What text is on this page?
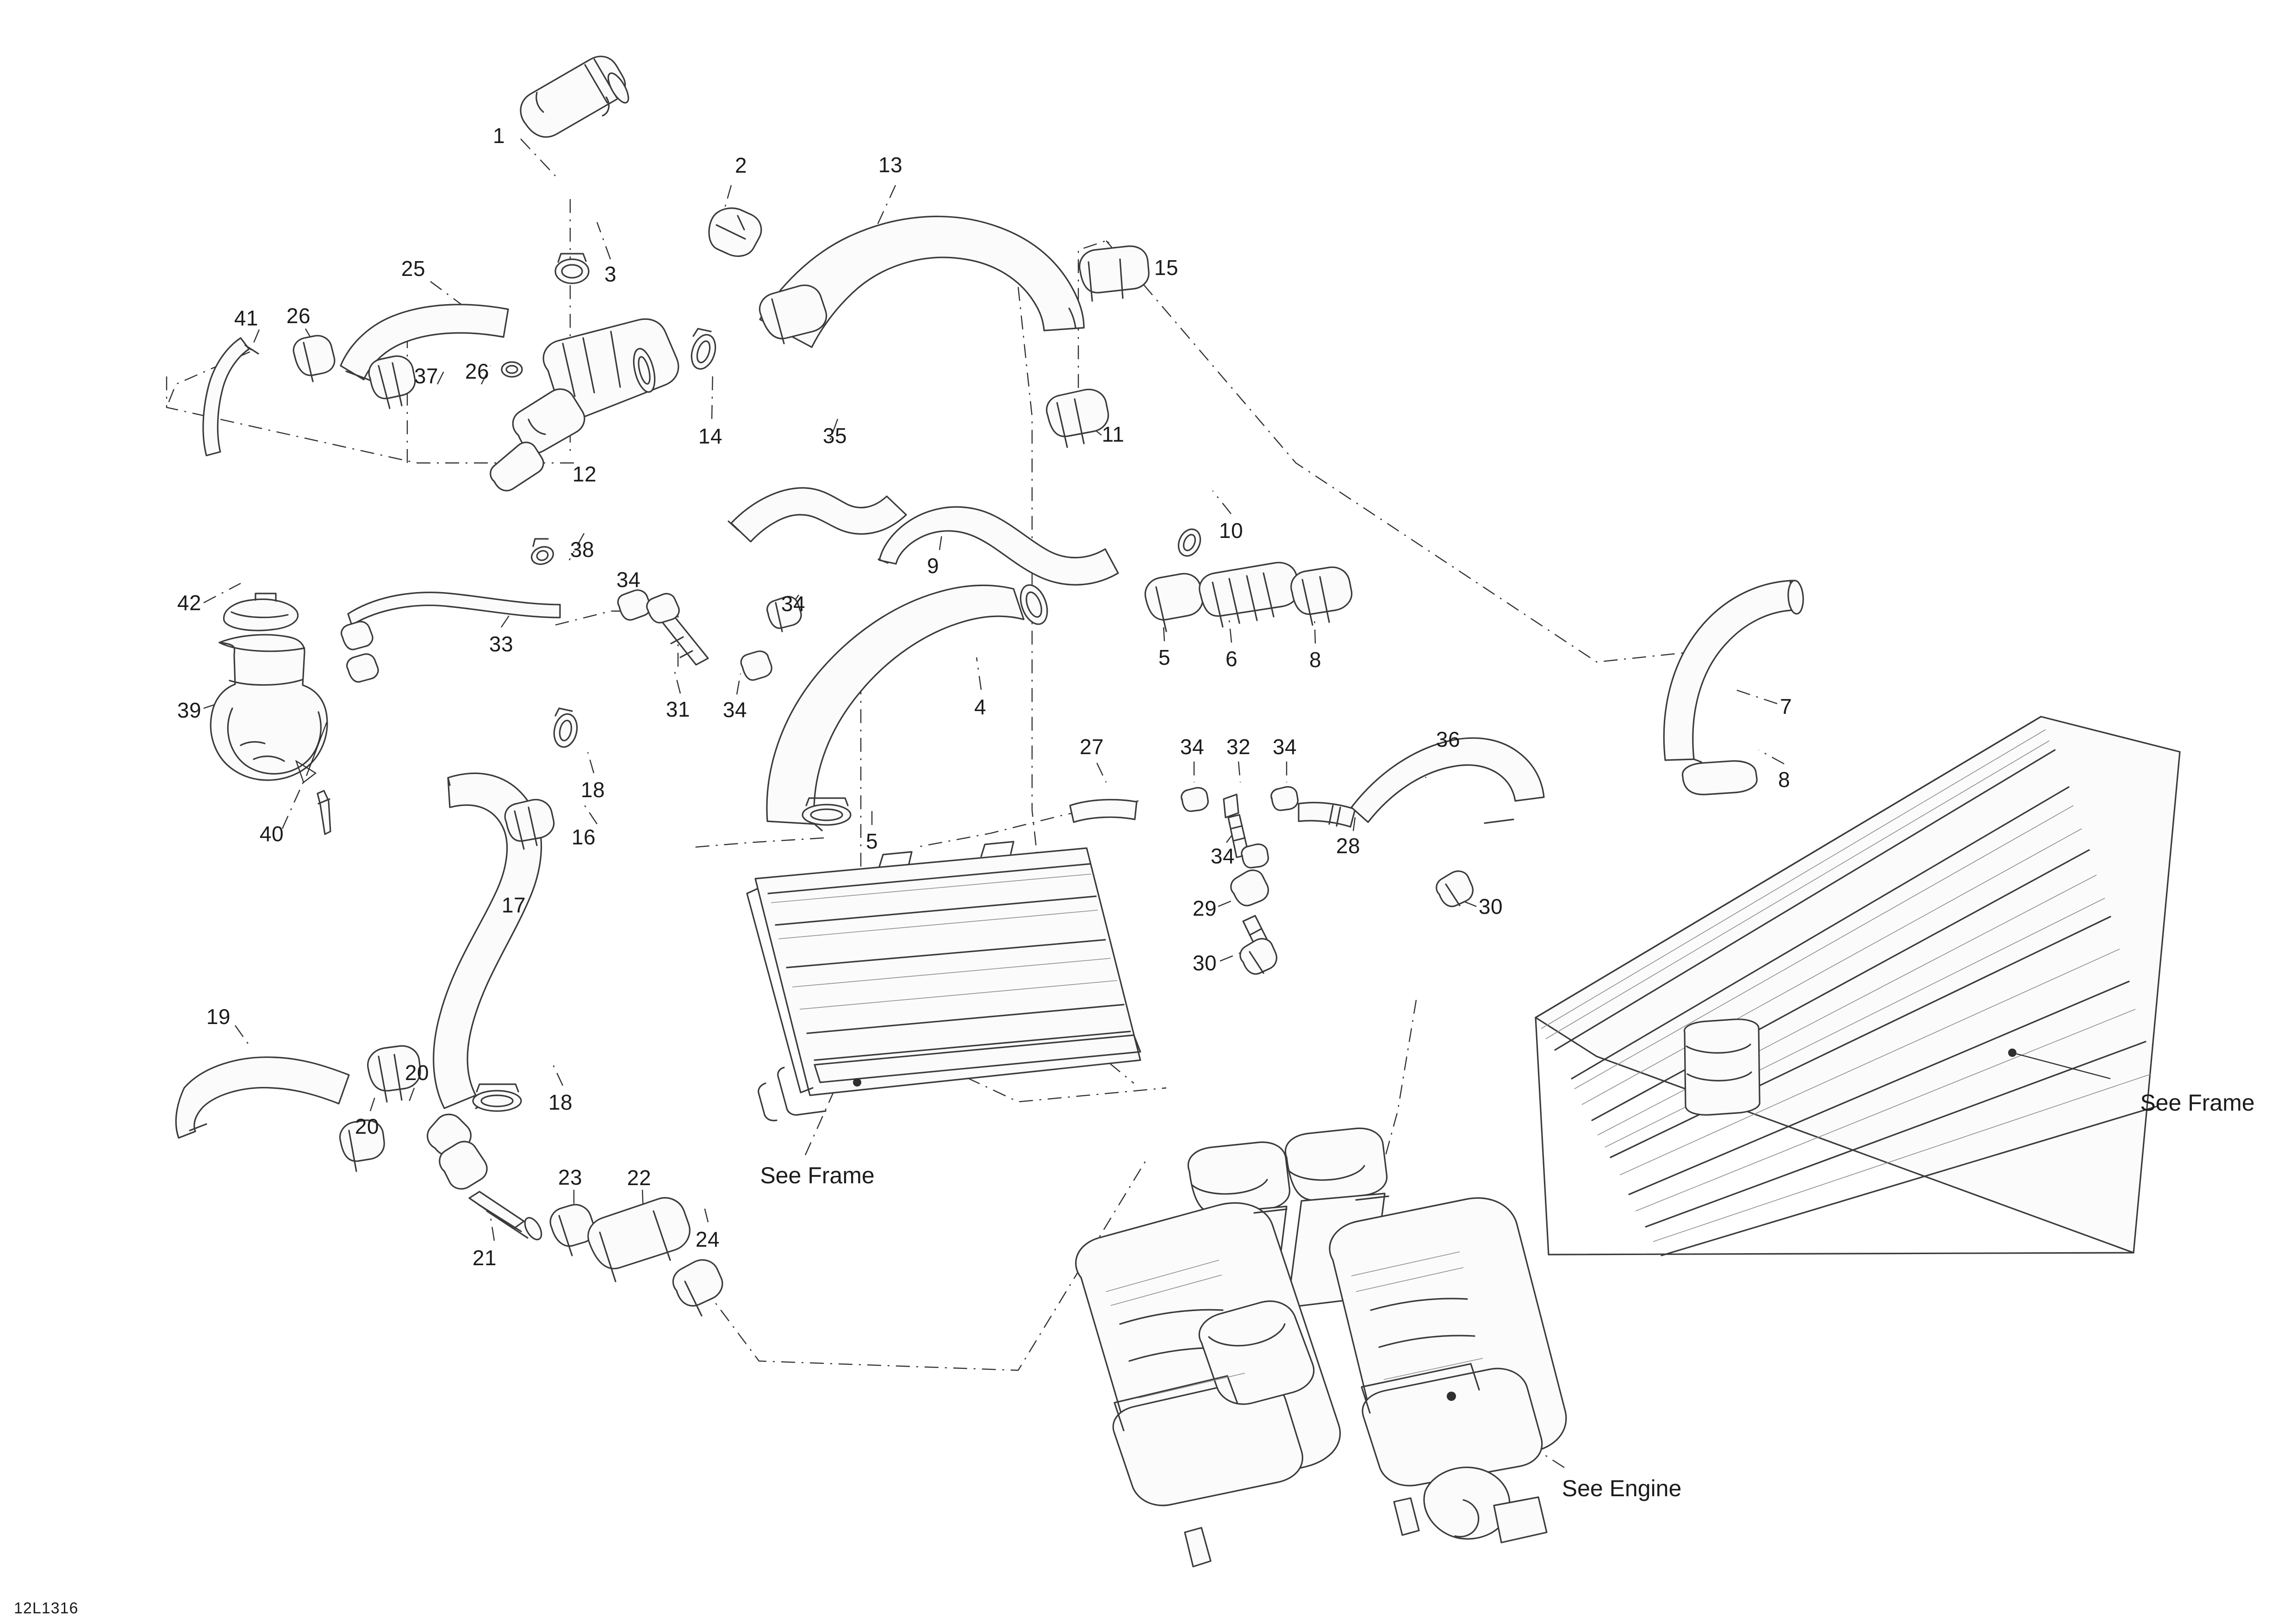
1
2
3
4
5
5
6
7
8
8
9
10
11
12
13
14
15
16
17
18
18
19
20
20
21
22
23
24
25
26
26
27
28
29	30
30
31
32
33
34
34
34
34	34
34
35
36
37
38
39
40
41
42
See Frame
See Frame
See Engine
12L1316
